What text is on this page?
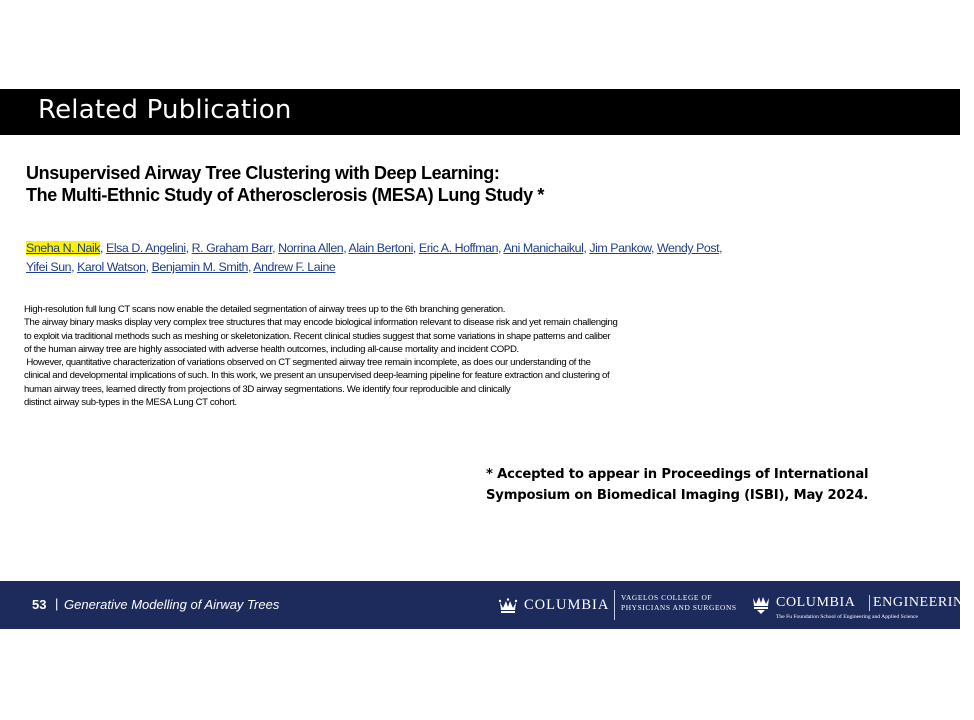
Related Publication
Unsupervised Airway Tree Clustering with Deep Learning:
The Multi-Ethnic Study of Atherosclerosis (MESA) Lung Study *
Sneha N. Naik, Elsa D. Angelini, R. Graham Barr, Norrina Allen, Alain Bertoni, Eric A. Hoffman, Ani Manichaikul, Jim Pankow, Wendy Post,
Yifei Sun, Karol Watson, Benjamin M. Smith, Andrew F. Laine
High-resolution full lung CT scans now enable the detailed segmentation of airway trees up to the 6th branching generation.
The airway binary masks display very complex tree structures that may encode biological information relevant to disease risk and yet remain challenging
to exploit via traditional methods such as meshing or skeletonization. Recent clinical studies suggest that some variations in shape patterns and caliber
of the human airway tree are highly associated with adverse health outcomes, including all-cause mortality and incident COPD.
However, quantitative characterization of variations observed on CT segmented airway tree remain incomplete, as does our understanding of the
clinical and developmental implications of such. In this work, we present an unsupervised deep-learning pipeline for feature extraction and clustering of
human airway trees, learned directly from projections of 3D airway segmentations. We identify four reproducible and clinically
distinct airway sub-types in the MESA Lung CT cohort.
* Accepted to appear in Proceedings of International
Symposium on Biomedical Imaging (ISBI), May 2024.
53 | Generative Modelling of Airway Trees	COLUMBIA VAGELOS COLLEGE OF
PHYSICIANS AND SURGEONS	COLUMBIA ENGINEERING
The Fu Foundation School of Engineering and Applied Science
